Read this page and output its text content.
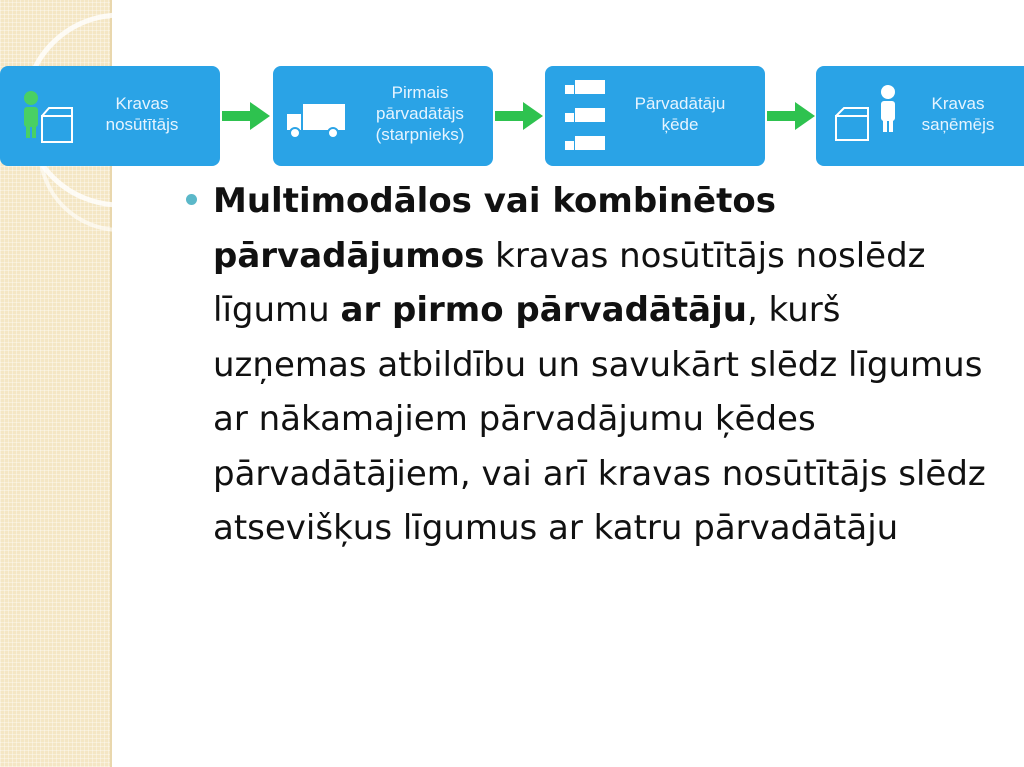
Kravas
nosūtītājs
Pirmais
pārvadātājs
(starpnieks)
Pārvadātāju
ķēde
Kravas
saņēmējs

Multimodālos vai kombinētos pārvadājumos kravas nosūtītājs noslēdz līgumu ar pirmo pārvadātāju, kurš uzņemas atbildību un savukārt slēdz līgumus ar nākamajiem pārvadājumu ķēdes pārvadātājiem, vai arī kravas nosūtītājs slēdz atsevišķus līgumus ar katru pārvadātāju
